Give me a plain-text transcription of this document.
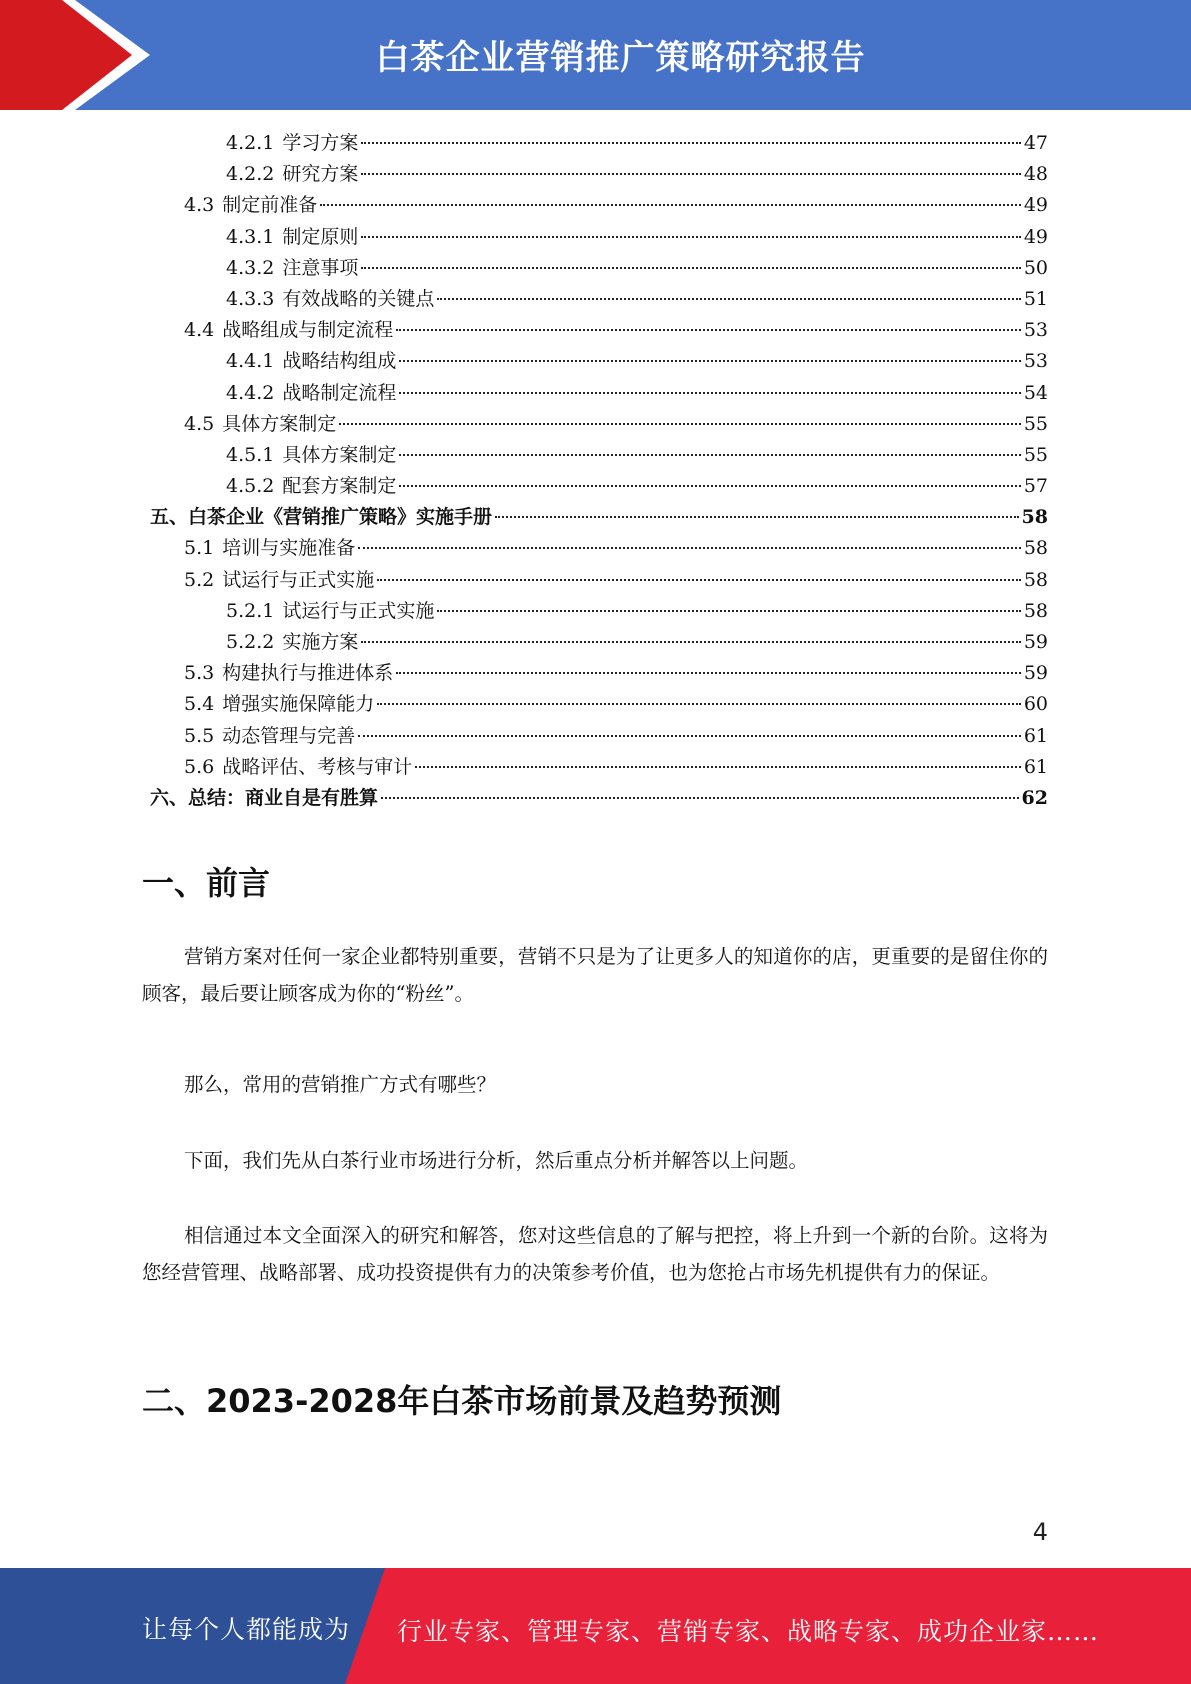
白茶企业营销推广策略研究报告
4.2.1 学习方案	47
4.2.2 研究方案	48
4.3 制定前准备	49
4.3.1 制定原则	49
4.3.2 注意事项	50
4.3.3 有效战略的关键点	51
4.4 战略组成与制定流程	53
4.4.1 战略结构组成	53
4.4.2 战略制定流程	54
4.5 具体方案制定	55
4.5.1 具体方案制定	55
4.5.2 配套方案制定	57
五、白茶企业《营销推广策略》实施手册	58
5.1 培训与实施准备	58
5.2 试运行与正式实施	58
5.2.1 试运行与正式实施	58
5.2.2 实施方案	59
5.3 构建执行与推进体系	59
5.4 增强实施保障能力	60
5.5 动态管理与完善	61
5.6 战略评估、考核与审计	61
六、总结：商业自是有胜算	62
一、前言

营销方案对任何一家企业都特别重要，营销不只是为了让更多人的知道你的店，更重要的是留住你的顾客，最后要让顾客成为你的“粉丝”。

那么，常用的营销推广方式有哪些？

下面，我们先从白茶行业市场进行分析，然后重点分析并解答以上问题。

相信通过本文全面深入的研究和解答，您对这些信息的了解与把控，将上升到一个新的台阶。这将为您经营管理、战略部署、成功投资提供有力的决策参考价值，也为您抢占市场先机提供有力的保证。

二、2023-2028年白茶市场前景及趋势预测
4
让每个人都能成为 行业专家、管理专家、营销专家、战略专家、成功企业家……
